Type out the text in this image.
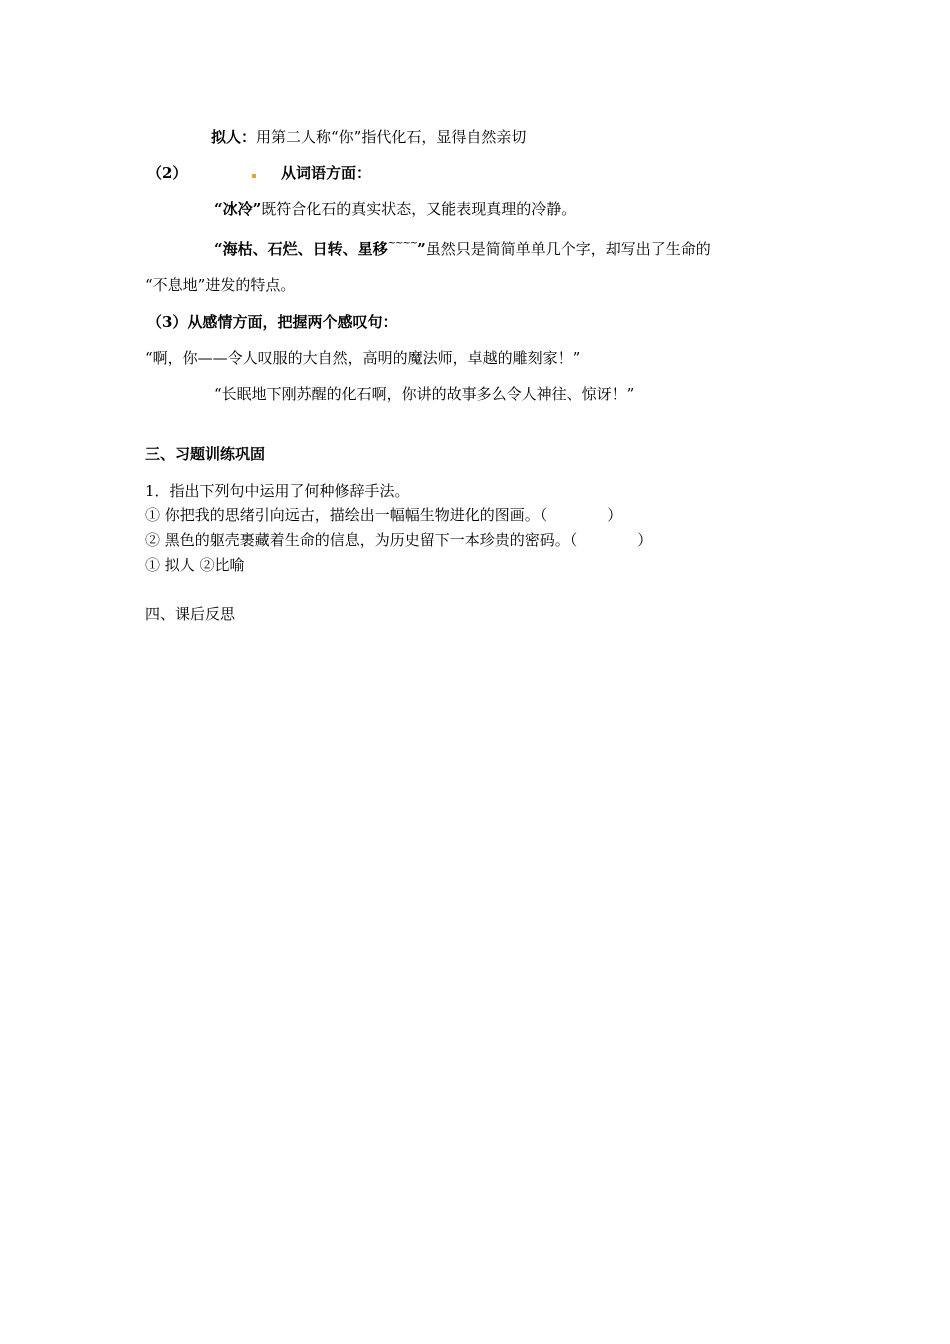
拟人：用第二人称“你”指代化石，显得自然亲切
（2）	从词语方面：
“冰冷”既符合化石的真实状态，又能表现真理的冷静。
“海枯、石烂、日转、星移~~~~”虽然只是简简单单几个字，却写出了生命的
“不息地”进发的特点。
（3）从感情方面，把握两个感叹句：
“啊，你——令人叹服的大自然，高明的魔法师，卓越的雕刻家！”
“长眠地下刚苏醒的化石啊，你讲的故事多么令人神往、惊讶！”
三、习题训练巩固
1．指出下列句中运用了何种修辞手法。
① 你把我的思绪引向远古，描绘出一幅幅生物进化的图画。（　　　　）
② 黑色的躯壳裹藏着生命的信息，为历史留下一本珍贵的密码。（　　　　）
① 拟人 ②比喻
四、课后反思
